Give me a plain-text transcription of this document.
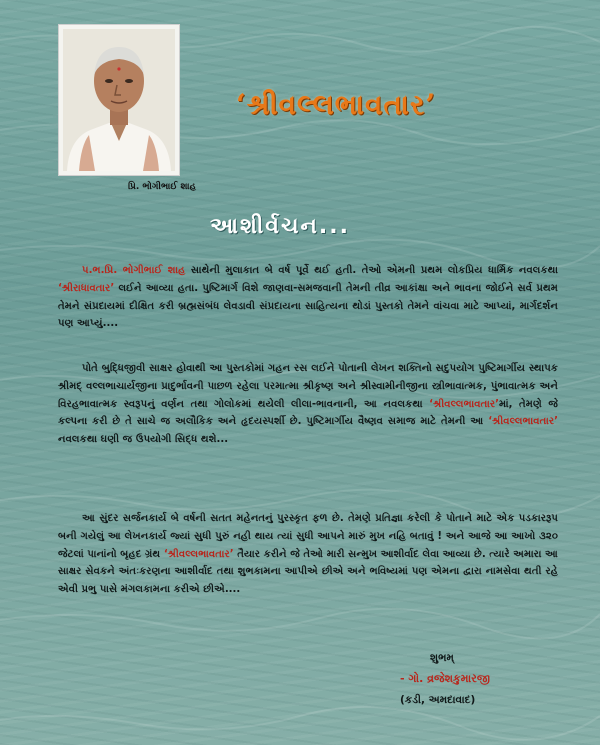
પ્રિ. ભોગીભાઈ શાહ
‘શ્રીવલ્લભાવતાર’
આશીર્વચન...
પ.ભ.પ્રિ. ભોગીભાઈ શાહ સાથેની મુલાકાત બે વર્ષ પૂર્વે થઈ હતી. તેઓ એમની પ્રથમ લોકપ્રિય ધાર્મિક નવલકથા ‘શ્રીરાધાવતાર’ લઈને આવ્યા હતા. પુષ્ટિમાર્ગ વિશે જાણવા-સમજવાની તેમની તીવ્ર આકાંક્ષા અને ભાવના જોઈને સર્વ પ્રથમ તેમને સંપ્રદાયમાં દીક્ષિત કરી બ્રહ્મસંબંધ લેવડાવી સંપ્રદાયના સાહિત્યના થોડાં પુસ્તકો તેમને વાંચવા માટે આપ્યાં, માર્ગદર્શન પણ આપ્યું....
પોતે બુદ્ધિજીવી સાક્ષર હોવાથી આ પુસ્તકોમાં ગહન રસ લઈને પોતાની લેખન શક્તિનો સદુપયોગ પુષ્ટિમાર્ગીય સ્થાપક શ્રીમદ્ વલ્લભાચાર્યજીના પ્રાદુર્ભાવની પાછળ રહેલા પરમાત્મા શ્રીકૃષ્ણ અને શ્રીસ્વામીનીજીના સ્ત્રીભાવાત્મક, પુંભાવાત્મક અને વિરહભાવાત્મક સ્વરૂપનું વર્ણન તથા ગોલોકમાં થયેલી લીલા-ભાવનાની, આ નવલકથા ‘શ્રીવલ્લભાવતાર’માં, તેમણે જે કલ્પના કરી છે તે સાચે જ અલૌકિક અને હૃદયસ્પર્શી છે. પુષ્ટિમાર્ગીય વૈષ્ણવ સમાજ માટે તેમની આ ‘શ્રીવલ્લભાવતાર’ નવલકથા ઘણી જ ઉપયોગી સિદ્ધ થશે...
આ સુંદર સર્જનકાર્ય બે વર્ષની સતત મહેનતનું પુરસ્કૃત ફળ છે. તેમણે પ્રતિજ્ઞા કરેલી કે પોતાને માટે એક પડકારરૂપ બની ગયેલું આ લેખનકાર્ય જ્યાં સુધી પુરું નહી થાય ત્યાં સુધી આપને મારું મુખ નહિ બતાવું ! અને આજે આ આખો ૩૨૦ જેટલાં પાનાંનો બૃહદ ગ્રંથ ‘શ્રીવલ્લભાવતાર’ તૈયાર કરીને જે તેઓ મારી સન્મુખ આશીર્વાદ લેવા આવ્યા છે. ત્યારે અમારા આ સાક્ષર સેવકને અંતઃકરણના આશીર્વાદ તથા શુભકામના આપીએ છીએ અને ભવિષ્યમાં પણ એમના દ્વારા નામસેવા થતી રહે એવી પ્રભુ પાસે મંગલકામના કરીએ છીએ....
શુભમ્
- ગો. વ્રજેશકુમારજી
(કડી, અમદાવાદ)
